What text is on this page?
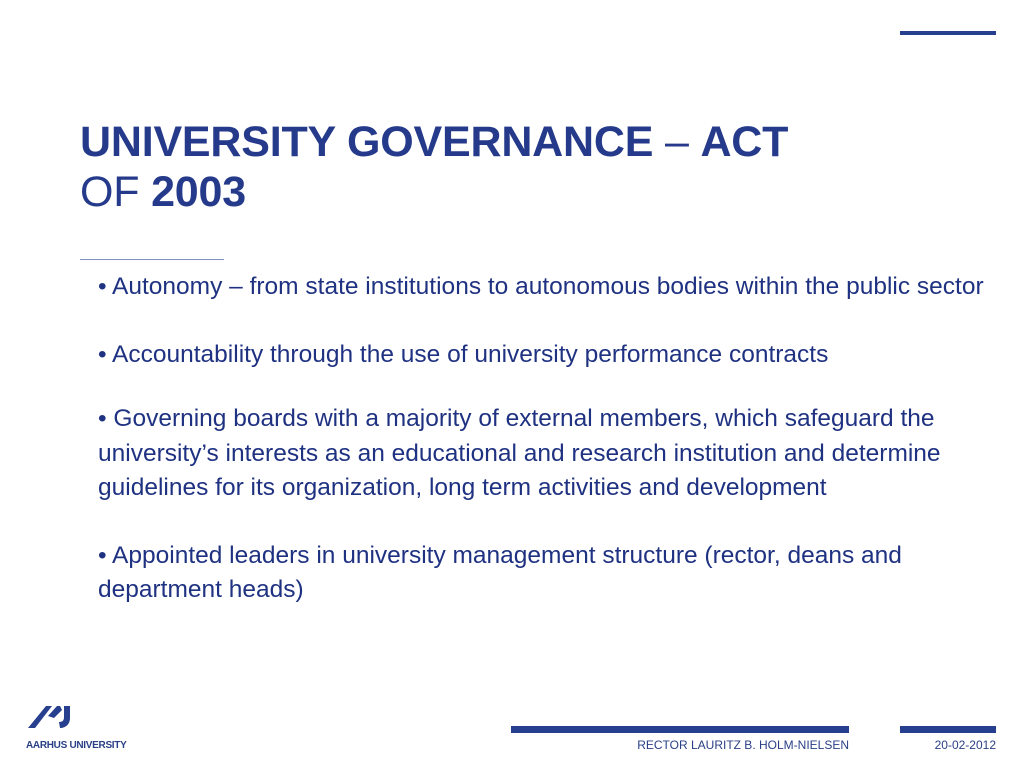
UNIVERSITY GOVERNANCE – ACT
OF 2003
• Autonomy – from state institutions to autonomous bodies within the public sector
• Accountability through the use of university performance contracts
• Governing boards with a majority of external members, which safeguard the university’s interests as an educational and research institution and determine guidelines for its organization, long term activities and development
• Appointed leaders in university management structure (rector, deans and department heads)
AARHUS UNIVERSITY	RECTOR LAURITZ B. HOLM-NIELSEN	20-02-2012
